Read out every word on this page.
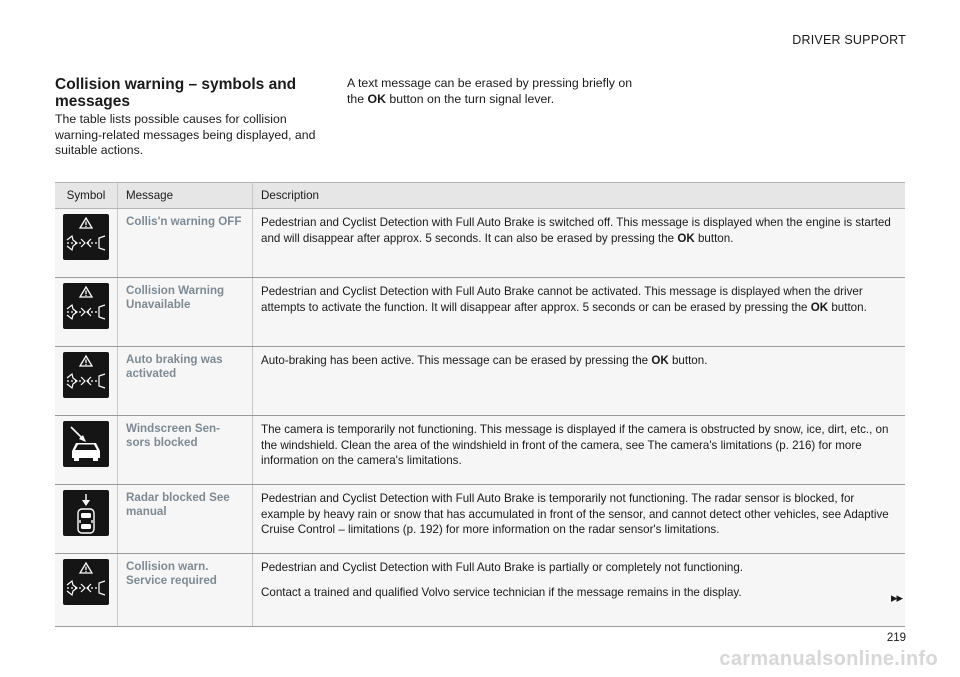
DRIVER SUPPORT
Collision warning – symbols and messages

The table lists possible causes for collision warning-related messages being displayed, and suitable actions.

A text message can be erased by pressing briefly on the OK button on the turn signal lever.

Symbol	Message	Description

	Collis'n warning OFF	Pedestrian and Cyclist Detection with Full Auto Brake is switched off. This message is displayed when the engine is started and will disappear after approx. 5 seconds. It can also be erased by pressing the OK button.

	Collision Warning Unavailable	Pedestrian and Cyclist Detection with Full Auto Brake cannot be activated. This message is displayed when the driver attempts to activate the function. It will disappear after approx. 5 seconds or can be erased by pressing the OK button.

	Auto braking was activated	Auto-braking has been active. This message can be erased by pressing the OK button.

	Windscreen Sen-sors blocked	The camera is temporarily not functioning. This message is displayed if the camera is obstructed by snow, ice, dirt, etc., on the windshield. Clean the area of the windshield in front of the camera, see The camera's limitations (p. 216) for more information on the camera's limitations.

	Radar blocked See manual	Pedestrian and Cyclist Detection with Full Auto Brake is temporarily not functioning. The radar sensor is blocked, for example by heavy rain or snow that has accumulated in front of the sensor, and cannot detect other vehicles, see Adaptive Cruise Control – limitations (p. 192) for more information on the radar sensor's limitations.

	Collision warn. Service required	Pedestrian and Cyclist Detection with Full Auto Brake is partially or completely not functioning.

Contact a trained and qualified Volvo service technician if the message remains in the display.	▸▸
219
carmanualsonline.info
